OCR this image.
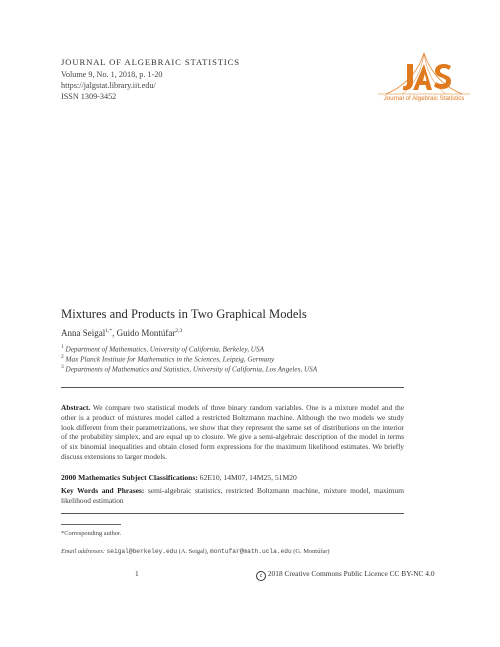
JOURNAL OF ALGEBRAIC STATISTICS
Volume 9, No. 1, 2018, p. 1-20
https://jalgstat.library.iit.edu/
ISSN 1309-3452	Journal of Algebraic Statistics
Mixtures and Products in Two Graphical Models
Anna Seigal$^{1,*}$, Guido Montúfar$^{2,3}$
$^1$ Department of Mathematics, University of California, Berkeley, USA
$^2$ Max Planck Institute for Mathematics in the Sciences, Leipzig, Germany
$^3$ Departments of Mathematics and Statistics, University of California, Los Angeles, USA
Abstract. We compare two statistical models of three binary random variables. One is a mixture model and the other is a product of mixtures model called a restricted Boltzmann machine. Although the two models we study look different from their parametrizations, we show that they represent the same set of distributions on the interior of the probability simplex, and are equal up to closure. We give a semi-algebraic description of the model in terms of six binomial inequalities and obtain closed form expressions for the maximum likelihood estimates. We briefly discuss extensions to larger models.
2000 Mathematics Subject Classifications: 62E10, 14M07, 14M25, 51M20
Key Words and Phrases: semi-algebraic statistics, restricted Boltzmann machine, mixture model, maximum likelihood estimation
*Corresponding author.
Email addresses: seigal@berkeley.edu (A. Seigal), montufar@math.ucla.edu (G. Montúfar)
1	c 2018 Creative Commons Public Licence CC BY-NC 4.0
